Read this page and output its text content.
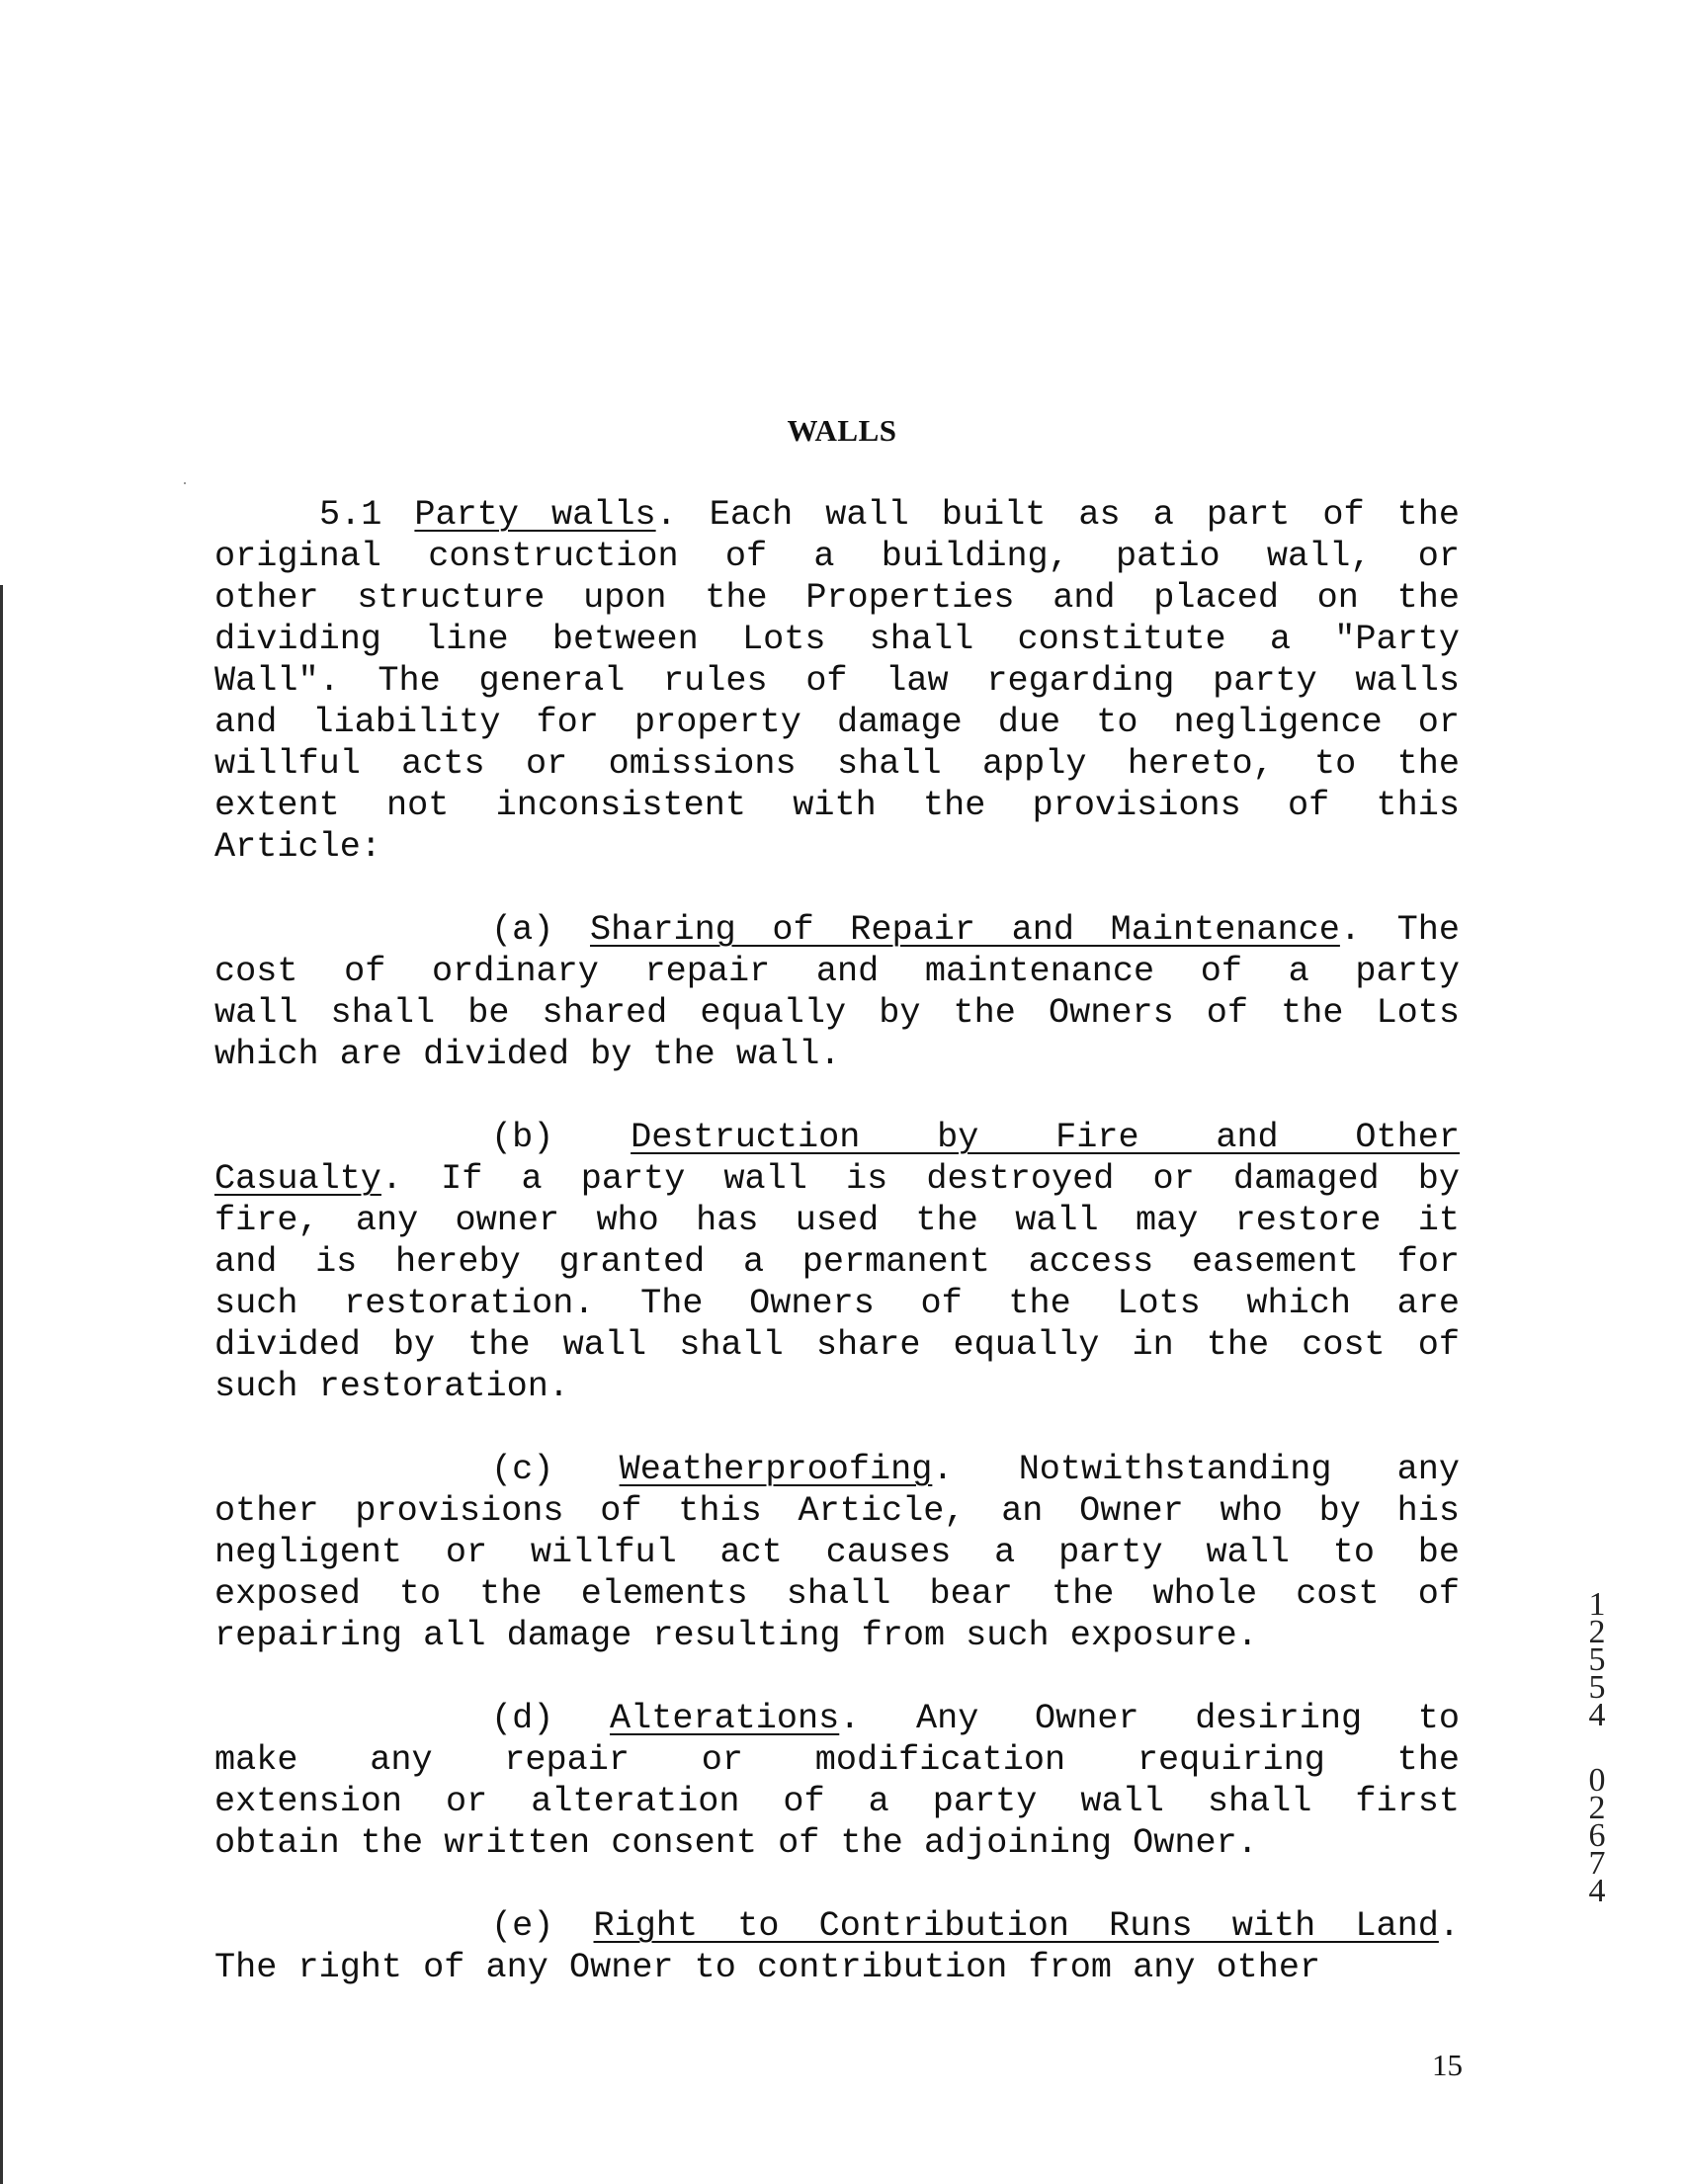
WALLS
5.1 Party walls. Each wall built as a part of the
original construction of a building, patio wall, or
other structure upon the Properties and placed on the
dividing line between Lots shall constitute a "Party
Wall". The general rules of law regarding party walls
and liability for property damage due to negligence or
willful acts or omissions shall apply hereto, to the
extent not inconsistent with the provisions of this
Article:
(a) Sharing of Repair and Maintenance. The
cost of ordinary repair and maintenance of a party
wall shall be shared equally by the Owners of the Lots
which are divided by the wall.
(b) Destruction by Fire and Other
Casualty. If a party wall is destroyed or damaged by
fire, any owner who has used the wall may restore it
and is hereby granted a permanent access easement for
such restoration. The Owners of the Lots which are
divided by the wall shall share equally in the cost of
such restoration.
(c) Weatherproofing. Notwithstanding any
other provisions of this Article, an Owner who by his
negligent or willful act causes a party wall to be
exposed to the elements shall bear the whole cost of
repairing all damage resulting from such exposure.
(d) Alterations. Any Owner desiring to
make any repair or modification requiring the
extension or alteration of a party wall shall first
obtain the written consent of the adjoining Owner.
(e) Right to Contribution Runs with Land.
The right of any Owner to contribution from any other
1
2
5
5
4
0
2
6
7
4
15
